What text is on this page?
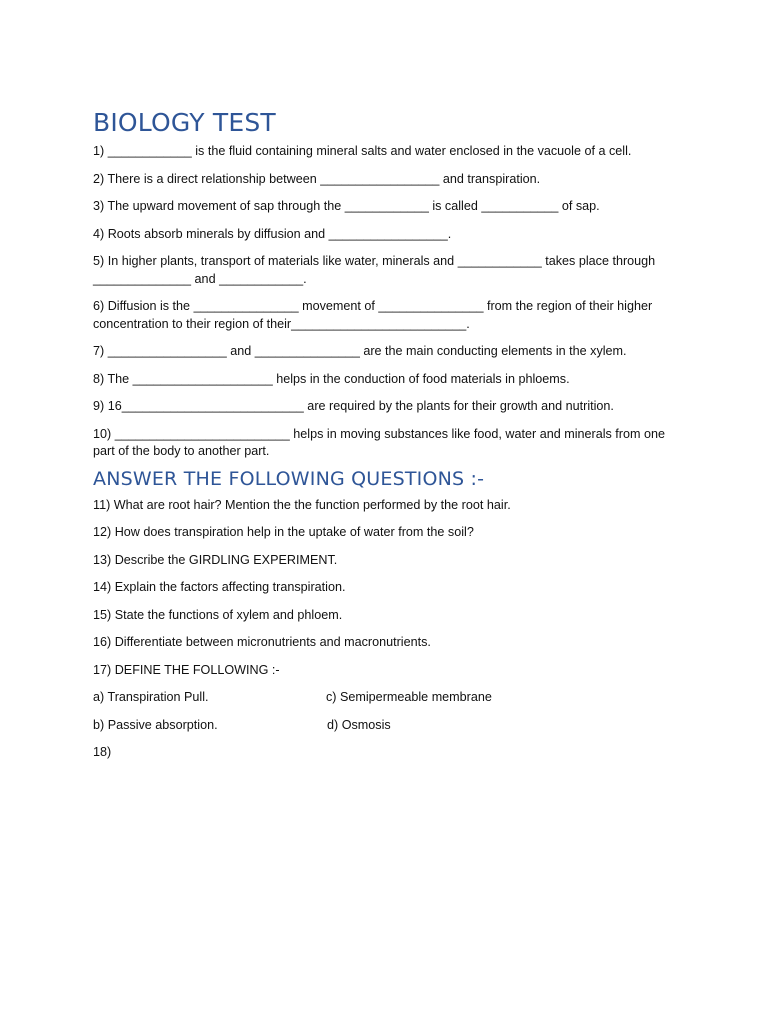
BIOLOGY TEST

1) ____________ is the fluid containing mineral salts and water enclosed in the vacuole of a cell.

2) There is a direct relationship between _________________ and transpiration.

3) The upward movement of sap through the ____________ is called ___________ of sap.

4) Roots absorb minerals by diffusion and _________________.

5) In higher plants, transport of materials like water, minerals and ____________ takes place through ______________ and ____________.

6) Diffusion is the _______________ movement of _______________ from the region of their higher concentration to their region of their_________________________.

7) _________________ and _______________ are the main conducting elements in the xylem.

8) The ____________________ helps in the conduction of food materials in phloems.

9) 16__________________________ are required by the plants for their growth and nutrition.

10) _________________________ helps in moving substances like food, water and minerals from one part of the body to another part.

ANSWER THE FOLLOWING QUESTIONS :-

11) What are root hair? Mention the the function performed by the root hair.

12) How does transpiration help in the uptake of water from the soil?

13) Describe the GIRDLING EXPERIMENT.

14) Explain the factors affecting transpiration.

15) State the functions of xylem and phloem.

16) Differentiate between micronutrients and macronutrients.

17) DEFINE THE FOLLOWING :-

a) Transpiration Pull.	c) Semipermeable membrane
b) Passive absorption.	d) Osmosis

18)
